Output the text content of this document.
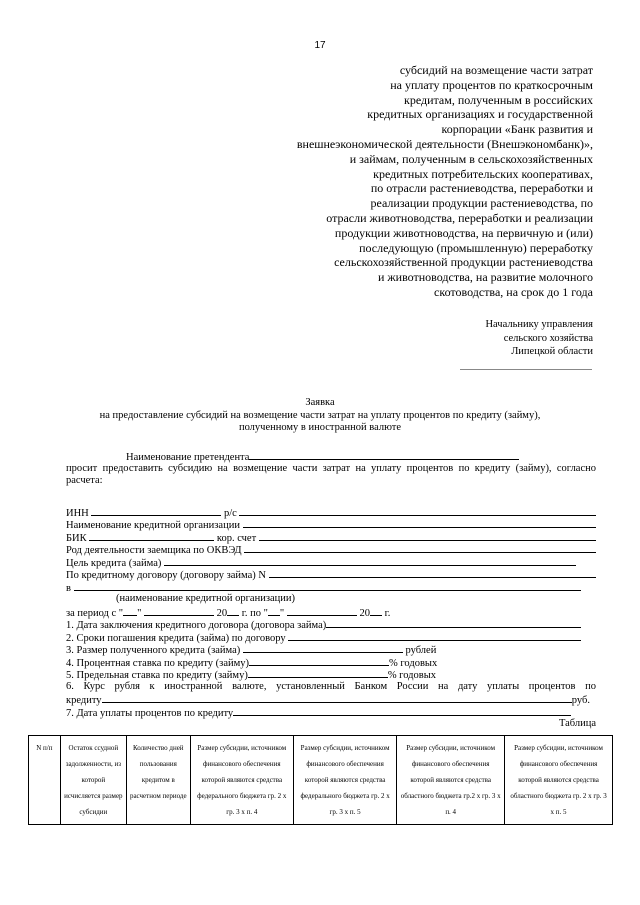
17
субсидий на возмещение части затрат
на уплату процентов по краткосрочным
кредитам, полученным в российских
кредитных организациях и государственной
корпорации «Банк развития и
внешнеэкономической деятельности (Внешэкономбанк)»,
и займам, полученным в сельскохозяйственных
кредитных потребительских кооперативах,
по отрасли растениеводства, переработки и
реализации продукции растениеводства, по
отрасли животноводства, переработки и реализации
продукции животноводства, на первичную и (или)
последующую (промышленную) переработку
сельскохозяйственной продукции растениеводства
и животноводства, на развитие молочного
скотоводства, на срок до 1 года
Начальнику управления
сельского хозяйства
Липецкой области
Заявка
на предоставление субсидий на возмещение части затрат на уплату процентов по кредиту (займу),
полученному в иностранной валюте
Наименование претендента
просит предоставить субсидию на возмещение части затрат на уплату процентов по кредиту (займу), согласно
расчета:
ИНН

	р/с

Наименование кредитной организации

БИК

	кор. счет

Род деятельности заемщика по ОКВЭД

Цель кредита (займа)

По кредитному договору (договору займа) N

в

(наименование кредитной организации)
за период с " "

	20
г. по " "

	20
г.
1. Дата заключения кредитного договора (договора займа)
2. Сроки погашения кредита (займа) по договору

3. Размер полученного кредита (займа)

	рублей
4. Процентная ставка по кредиту (займу)	% годовых
5. Предельная ставка по кредиту (займу)	% годовых
6. Курс рубля к иностранной валюте, установленный Банком России на дату уплаты процентов по
кредиту	руб.
7. Дата уплаты процентов по кредиту
Таблица
N п/п	Остаток ссудной задолженности, из которой исчисляется размер субсидии	Количество дней пользования кредитом в расчетном периоде	Размер субсидии, источником финансового обеспечения которой являются средства федерального бюджета гр. 2 x гр. 3 x п. 4	Размер субсидии, источником финансового обеспечения которой являются средства федерального бюджета гр. 2 x гр. 3 x п. 5	Размер субсидии, источником финансового обеспечения которой являются средства областного бюджета гр.2 x гр. 3 x п. 4	Размер субсидии, источником финансового обеспечения которой являются средства областного бюджета гр. 2 x гр. 3 x п. 5
